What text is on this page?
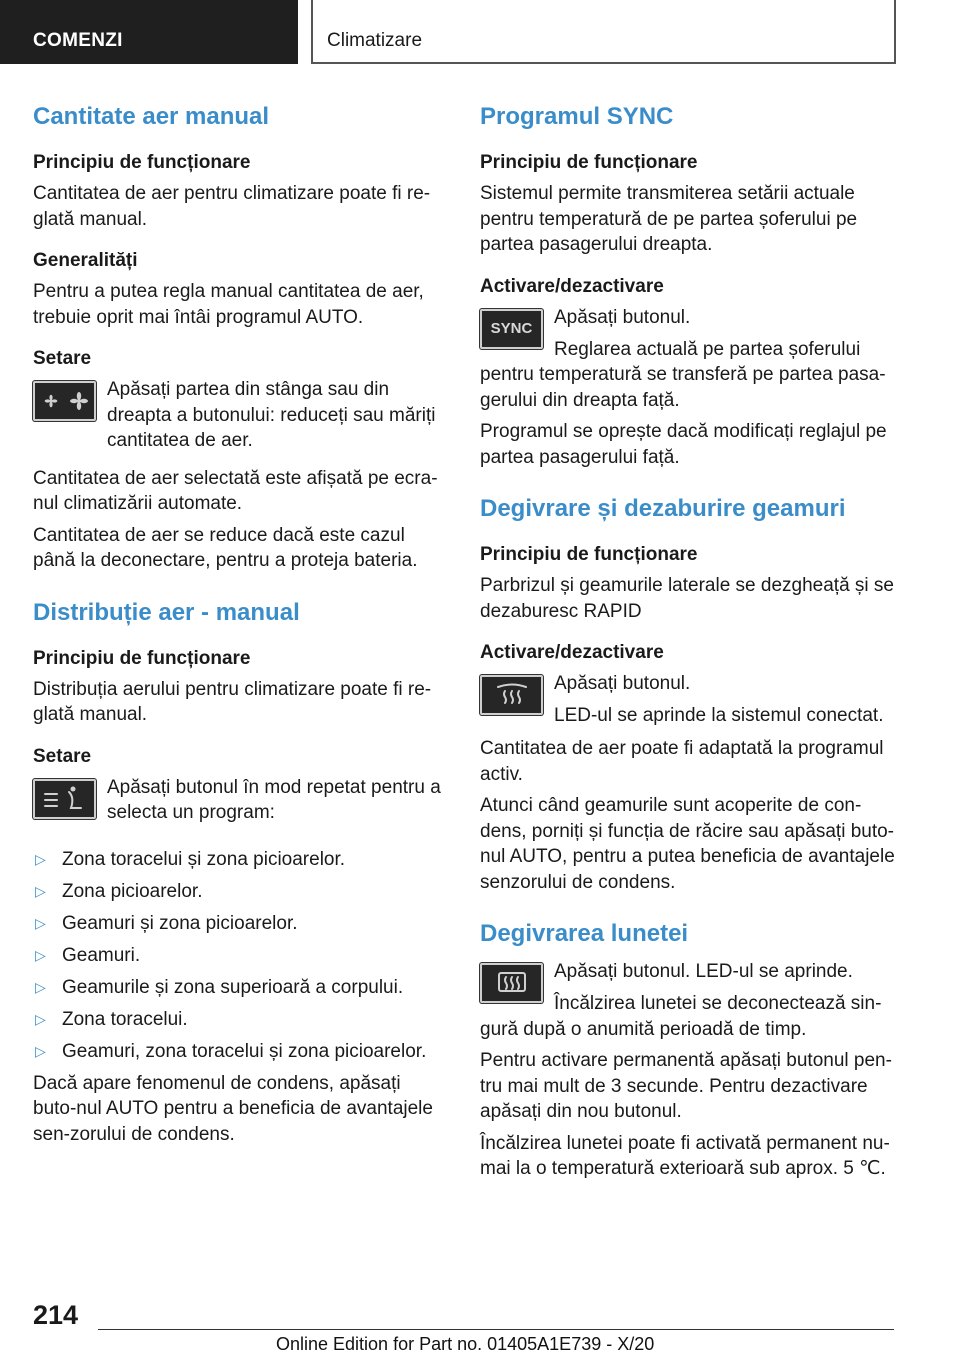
COMENZI	Climatizare
Cantitate aer manual
Principiu de funcționare

Cantitatea de aer pentru climatizare poate fi re‐glată manual.

Generalități

Pentru a putea regla manual cantitatea de aer, trebuie oprit mai întâi programul AUTO.

Setare

Apăsați partea din stânga sau din dreapta a butonului: reduceți sau măriți cantitatea de aer.

Cantitatea de aer selectată este afișată pe ecra‐nul climatizării automate.

Cantitatea de aer se reduce dacă este cazul până la deconectare, pentru a proteja bateria.

Distribuție aer - manual
Principiu de funcționare

Distribuția aerului pentru climatizare poate fi re‐glată manual.

Setare

Apăsați butonul în mod repetat pentru a selecta un program:

▷ Zona toracelui și zona picioarelor.
▷ Zona picioarelor.
▷ Geamuri și zona picioarelor.
▷ Geamuri.
▷ Geamurile și zona superioară a corpului.
▷ Zona toracelui.
▷ Geamuri, zona toracelui și zona picioarelor.

Dacă apare fenomenul de condens, apăsați buto‐nul AUTO pentru a beneficia de avantajele sen‐zorului de condens.

Programul SYNC
Principiu de funcționare

Sistemul permite transmiterea setării actuale pentru temperatură de pe partea șoferului pe partea pasagerului dreapta.

Activare/dezactivare
SYNC

Apăsați butonul.

Reglarea actuală pe partea șoferului pentru temperatură se transferă pe partea pasa‐gerului din dreapta față.

Programul se oprește dacă modificați reglajul pe partea pasagerului față.

Degivrare și dezaburire geamuri
Principiu de funcționare

Parbrizul și geamurile laterale se dezgheață și se dezaburesc RAPID

Activare/dezactivare

Apăsați butonul.

LED-ul se aprinde la sistemul conectat.

Cantitatea de aer poate fi adaptată la programul activ.

Atunci când geamurile sunt acoperite de con‐dens, porniți și funcția de răcire sau apăsați buto‐nul AUTO, pentru a putea beneficia de avantajele senzorului de condens.

Degivrarea lunetei

Apăsați butonul. LED-ul se aprinde.

Încălzirea lunetei se deconectează sin‐gură după o anumită perioadă de timp.

Pentru activare permanentă apăsați butonul pen‐tru mai mult de 3 secunde. Pentru dezactivare apăsați din nou butonul.

Încălzirea lunetei poate fi activată permanent nu‐mai la o temperatură exterioară sub aprox. 5 ℃.

214
Online Edition for Part no. 01405A1E739 - X/20
